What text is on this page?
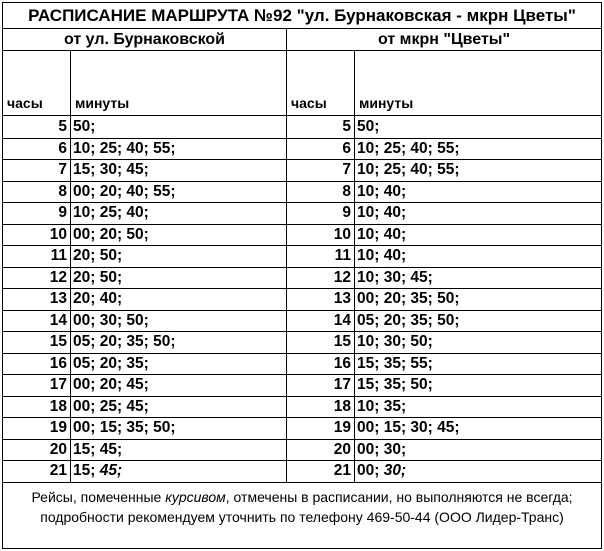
РАСПИСАНИЕ МАРШРУТА №92 "ул. Бурнаковская - мкрн Цветы"
от ул. Бурнаковской	от мкрн "Цветы"
часы минуты	часы минуты
5 50;
6 10; 25; 40; 55;
7 15; 30; 45;
8 00; 20; 40; 55;
9 10; 25; 40;
10 00; 20; 50;
11 20; 50;
12 20; 50;
13 20; 40;
14 00; 30; 50;
15 05; 20; 35; 50;
16 05; 20; 35;
17 00; 20; 45;
18 00; 25; 45;
19 00; 15; 35; 50;
20 15; 45;
21 15; 45;
5 50;
6 10; 25; 40; 55;
7 10; 25; 40; 55;
8 10; 40;
9 10; 40;
10 10; 40;
11 10; 40;
12 10; 30; 45;
13 00; 20; 35; 50;
14 05; 20; 35; 50;
15 10; 30; 50;
16 15; 35; 55;
17 15; 35; 50;
18 10; 35;
19 00; 15; 30; 45;
20 00; 30;
21 00; 30;
Рейсы, помеченные курсивом, отмечены в расписании, но выполняются не всегда; подробности рекомендуем уточнить по телефону 469-50-44 (ООО Лидер-Транс)
